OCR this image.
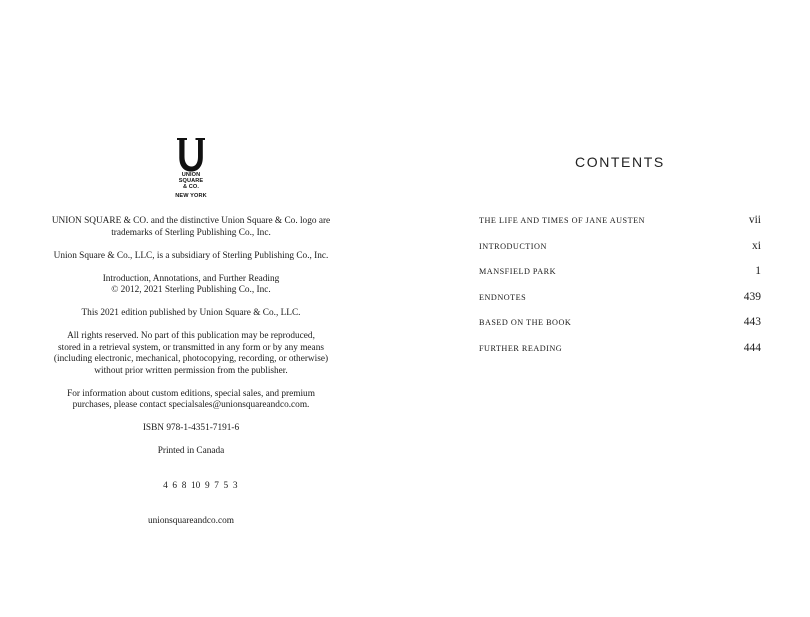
UNION
SQUARE
& CO.
NEW YORK

UNION SQUARE & CO. and the distinctive Union Square & Co. logo are
trademarks of Sterling Publishing Co., Inc.

Union Square & Co., LLC, is a subsidiary of Sterling Publishing Co., Inc.

Introduction, Annotations, and Further Reading
© 2012, 2021 Sterling Publishing Co., Inc.

This 2021 edition published by Union Square & Co., LLC.

All rights reserved. No part of this publication may be reproduced,
stored in a retrieval system, or transmitted in any form or by any means
(including electronic, mechanical, photocopying, recording, or otherwise)
without prior written permission from the publisher.

For information about custom editions, special sales, and premium
purchases, please contact specialsales@unionsquareandco.com.

ISBN 978-1-4351-7191-6

Printed in Canada

4  6  8  10  9  7  5  3

unionsquareandco.com

CONTENTS
THE LIFE AND TIMES OF JANE AUSTEN	vii
INTRODUCTION	xi
MANSFIELD PARK	1
ENDNOTES	439
BASED ON THE BOOK	443
FURTHER READING	444
